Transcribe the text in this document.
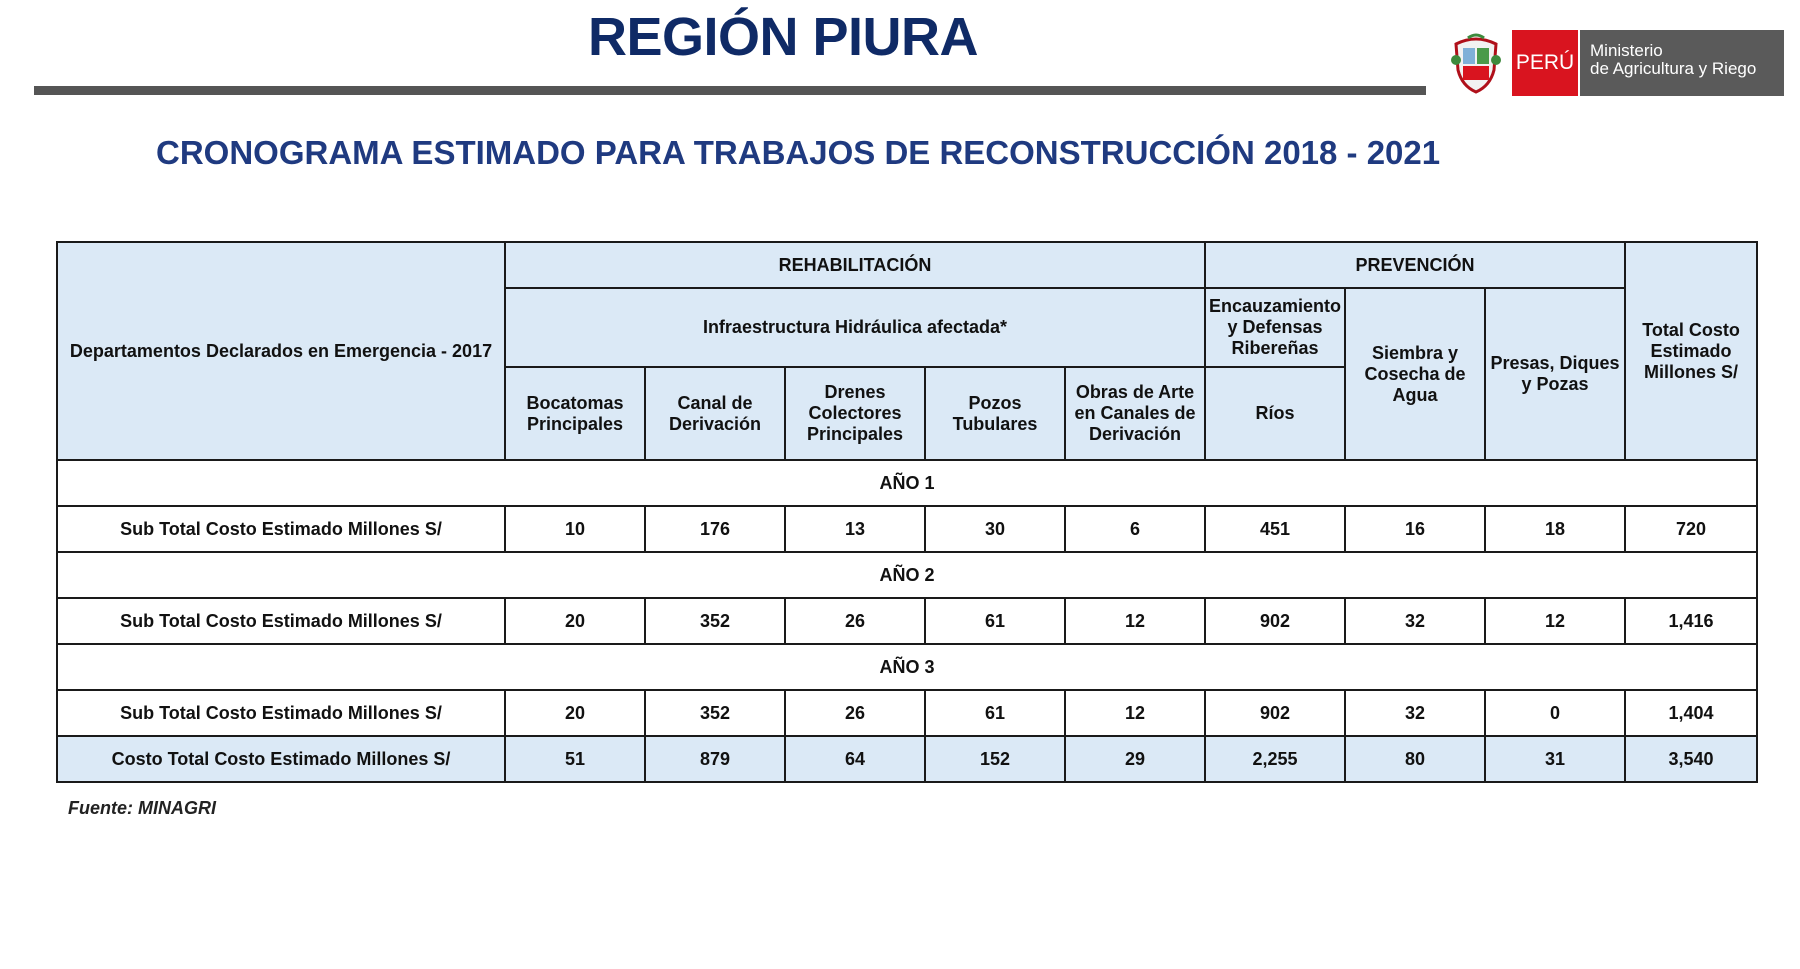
REGIÓN PIURA	PERÚ
Ministerio
de Agricultura y Riego
CRONOGRAMA ESTIMADO PARA TRABAJOS DE RECONSTRUCCIÓN 2018 - 2021
Departamentos Declarados en Emergencia - 2017	REHABILITACIÓN					PREVENCIÓN			Total Costo Estimado Millones S/
	Infraestructura Hidráulica afectada*					Encauzamiento y Defensas Ribereñas	Siembra y Cosecha de Agua	Presas, Diques y Pozas	
	Bocatomas Principales	Canal de Derivación	Drenes Colectores Principales	Pozos Tubulares	Obras de Arte en Canales de Derivación	Ríos			
AÑO 1									
Sub Total Costo Estimado Millones S/	10	176	13	30	6	451	16	18	720
AÑO 2									
Sub Total Costo Estimado Millones S/	20	352	26	61	12	902	32	12	1,416
AÑO 3									
Sub Total Costo Estimado Millones S/	20	352	26	61	12	902	32	0	1,404
Costo Total Costo Estimado Millones S/	51	879	64	152	29	2,255	80	31	3,540
Fuente: MINAGRI
